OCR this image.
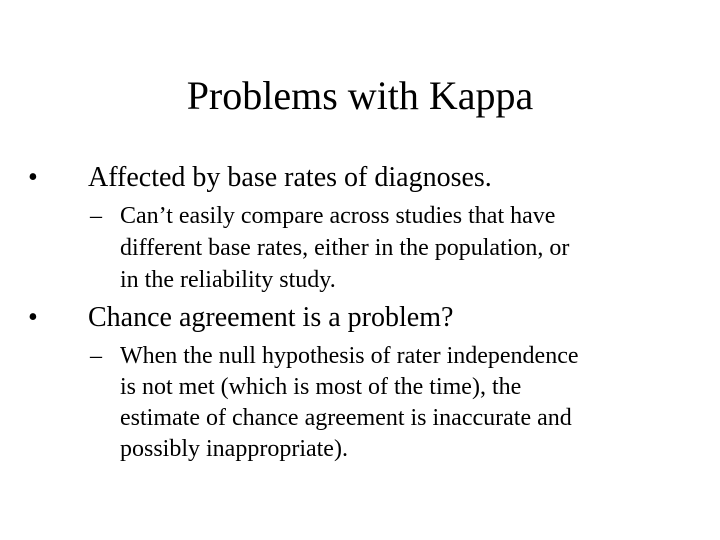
Problems with Kappa
•	Affected by base rates of diagnoses.
– Can’t easily compare across studies that have
different base rates, either in the population, or
in the reliability study.
•	Chance agreement is a problem?
– When the null hypothesis of rater independence
is not met (which is most of the time), the
estimate of chance agreement is inaccurate and
possibly inappropriate).
